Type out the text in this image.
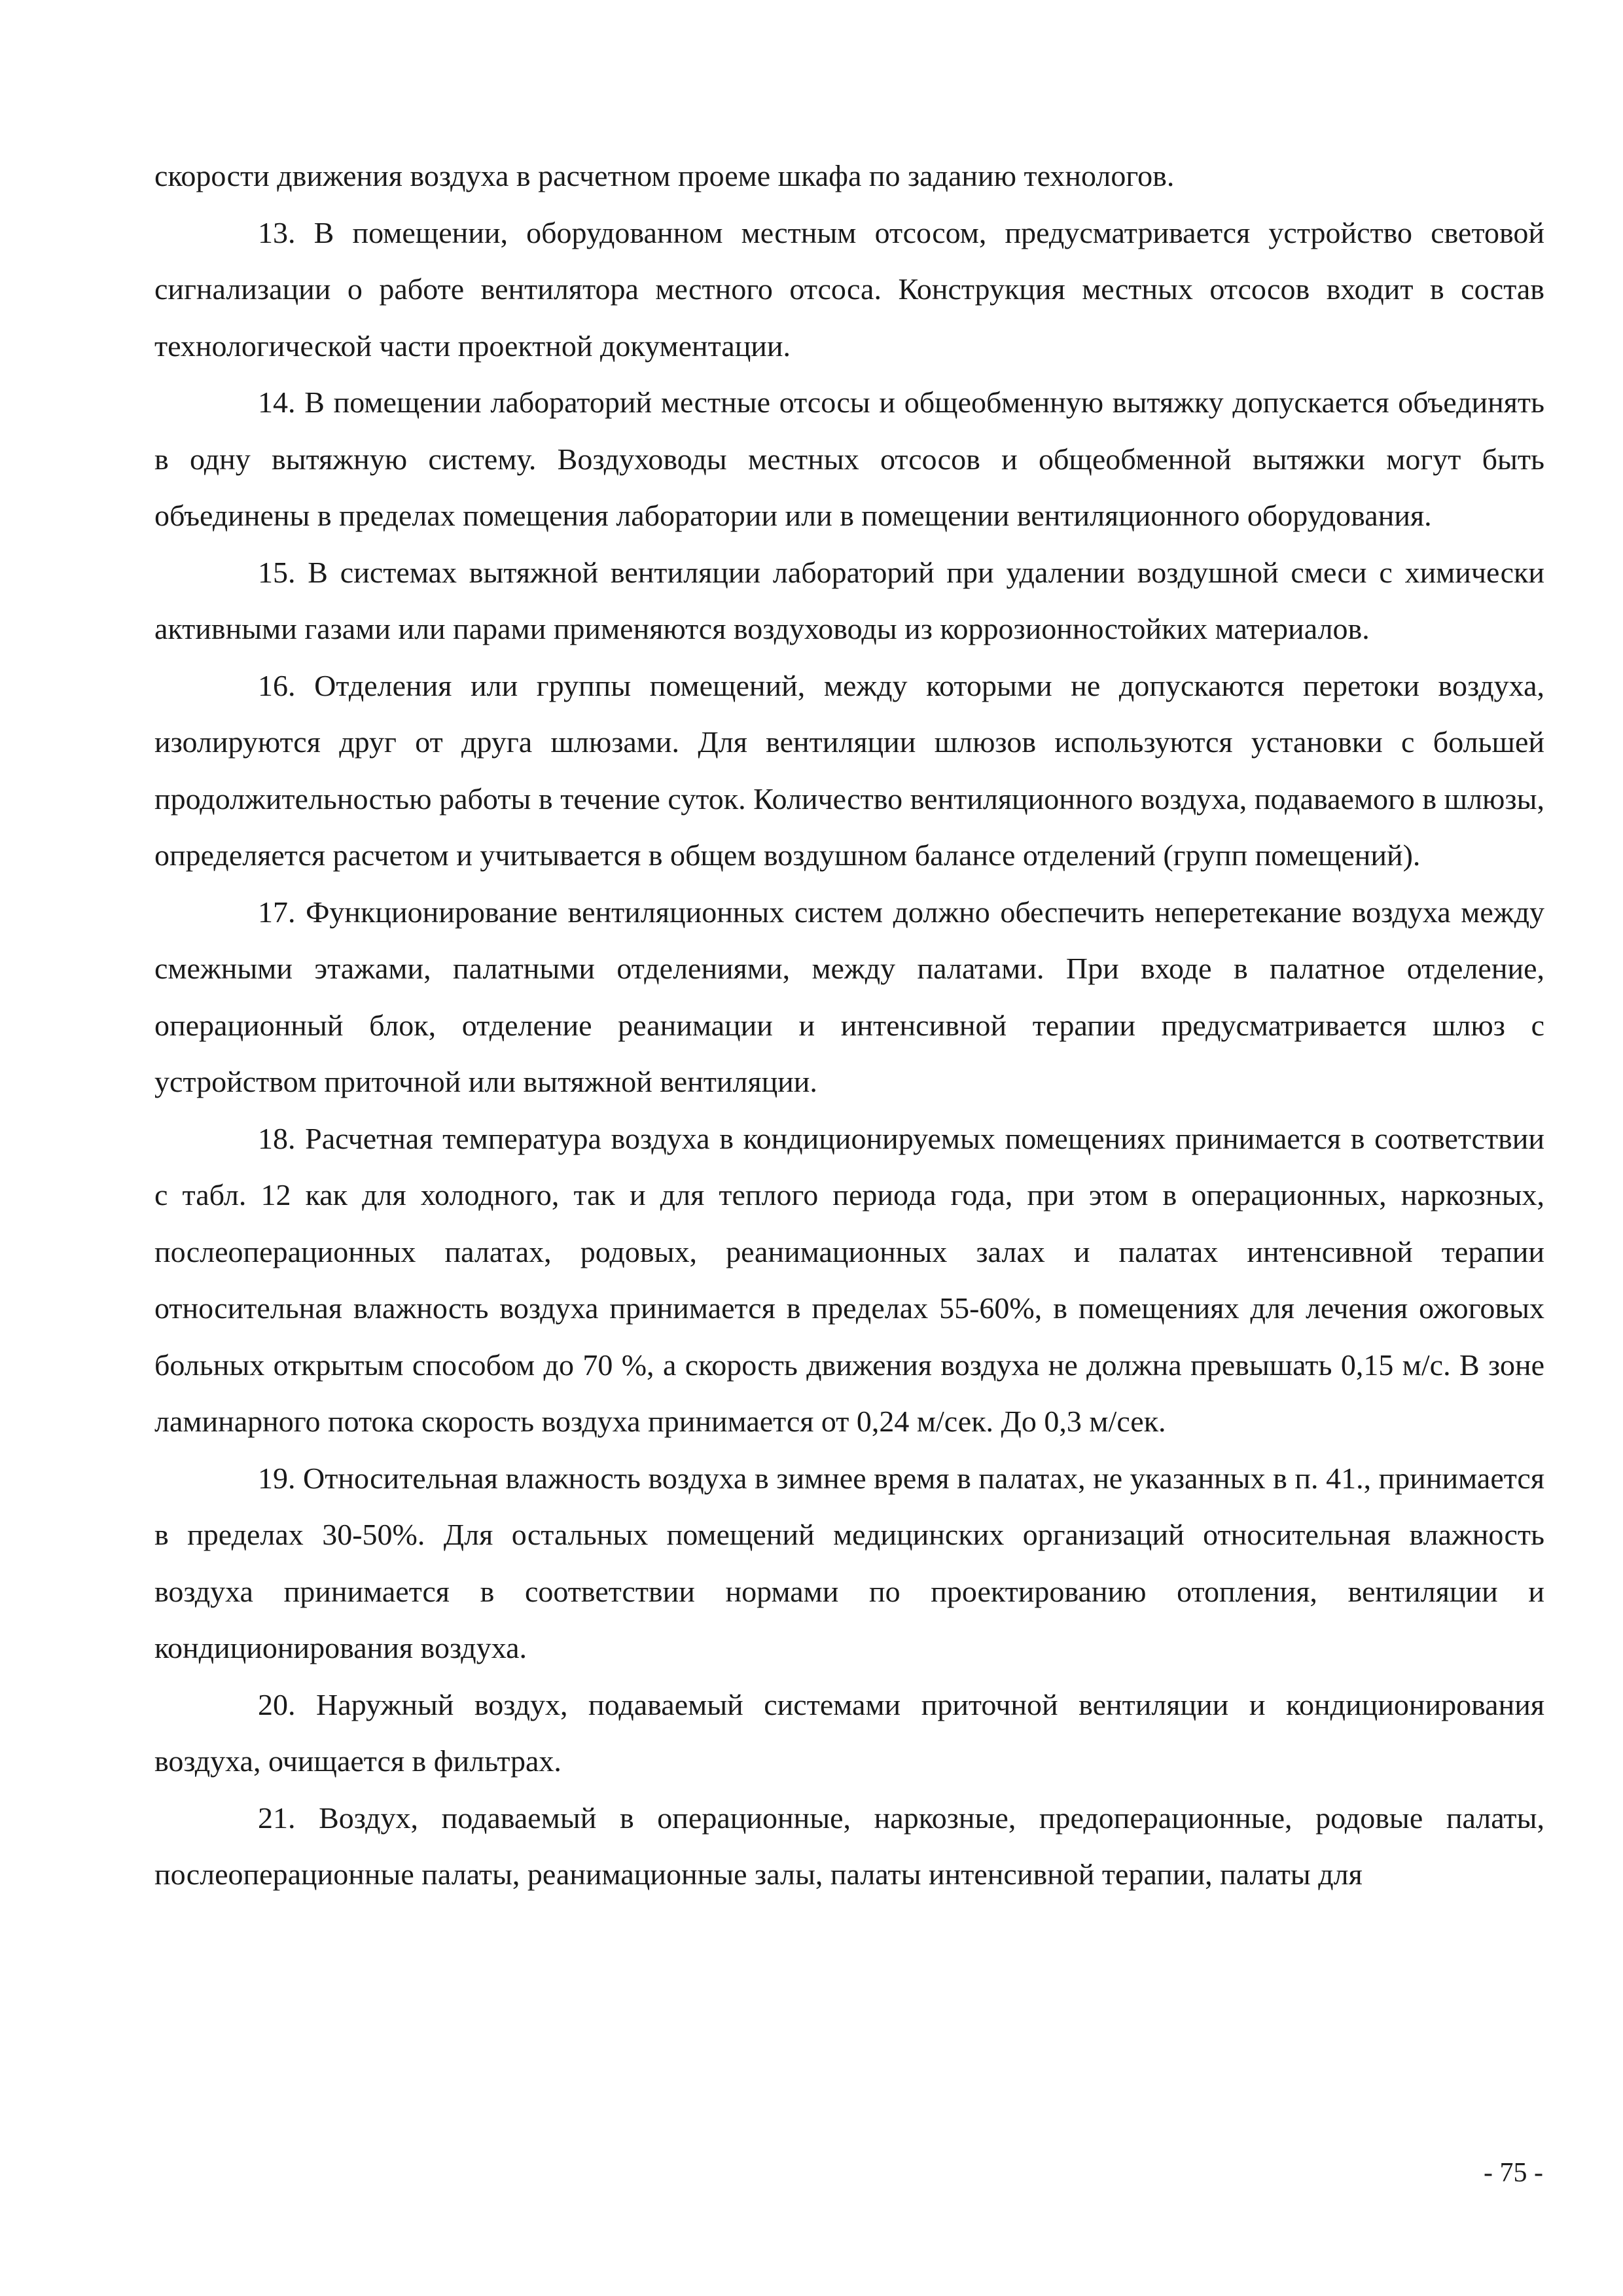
скорости движения воздуха в расчетном проеме шкафа по заданию технологов.

13. В помещении, оборудованном местным отсосом, предусматривается устройство световой сигнализации о работе вентилятора местного отсоса. Конструкция местных отсосов входит в состав технологической части проектной документации.

14. В помещении лабораторий местные отсосы и общеобменную вытяжку допускается объединять в одну вытяжную систему. Воздуховоды местных отсосов и общеобменной вытяжки могут быть объединены в пределах помещения лаборатории или в помещении вентиляционного оборудования.

15. В системах вытяжной вентиляции лабораторий при удалении воздушной смеси с химически активными газами или парами применяются воздуховоды из коррозионностойких материалов.

16. Отделения или группы помещений, между которыми не допускаются перетоки воздуха, изолируются друг от друга шлюзами. Для вентиляции шлюзов используются установки с большей продолжительностью работы в течение суток. Количество вентиляционного воздуха, подаваемого в шлюзы, определяется расчетом и учитывается в общем воздушном балансе отделений (групп помещений).

17. Функционирование вентиляционных систем должно обеспечить неперетекание воздуха между смежными этажами, палатными отделениями, между палатами. При входе в палатное отделение, операционный блок, отделение реанимации и интенсивной терапии предусматривается шлюз с устройством приточной или вытяжной вентиляции.

18. Расчетная температура воздуха в кондиционируемых помещениях принимается в соответствии с табл. 12 как для холодного, так и для теплого периода года, при этом в операционных, наркозных, послеоперационных палатах, родовых, реанимационных залах и палатах интенсивной терапии относительная влажность воздуха принимается в пределах 55-60%, в помещениях для лечения ожоговых больных открытым способом до 70 %, а скорость движения воздуха не должна превышать 0,15 м/с. В зоне ламинарного потока скорость воздуха принимается от 0,24 м/сек. До 0,3 м/сек.

19. Относительная влажность воздуха в зимнее время в палатах, не указанных в п. 41., принимается в пределах 30-50%. Для остальных помещений медицинских организаций относительная влажность воздуха принимается в соответствии нормами по проектированию отопления, вентиляции и кондиционирования воздуха.

20. Наружный воздух, подаваемый системами приточной вентиляции и кондиционирования воздуха, очищается в фильтрах.

21. Воздух, подаваемый в операционные, наркозные, предоперационные, родовые палаты, послеоперационные палаты, реанимационные залы, палаты интенсивной терапии, палаты для

- 75 -
